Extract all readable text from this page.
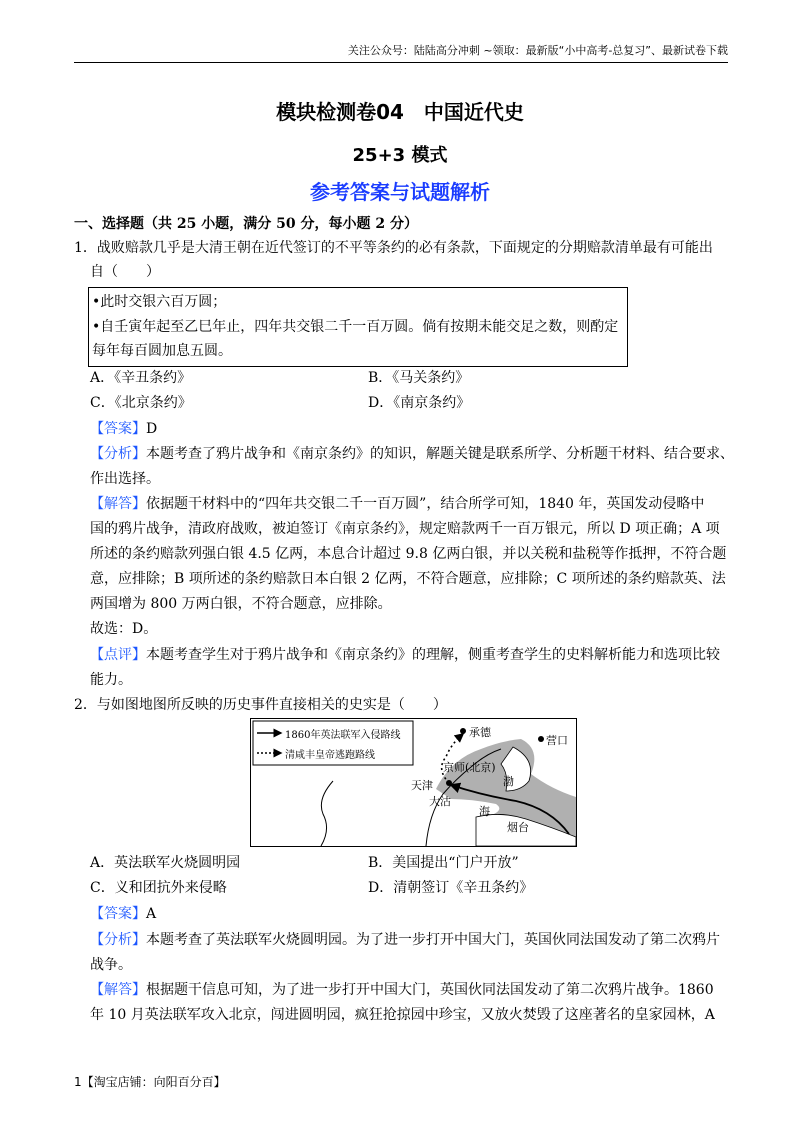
关注公众号：陆陆高分冲刺 ~领取：最新版“小中高考-总复习”、最新试卷下载
模块检测卷04　中国近代史
25+3 模式
参考答案与试题解析
一、选择题（共 25 小题，满分 50 分，每小题 2 分）
1．战败赔款几乎是大清王朝在近代签订的不平等条约的必有条款，下面规定的分期赔款清单最有可能出
自（　　）
•此时交银六百万圆；
•自壬寅年起至乙巳年止，四年共交银二千一百万圆。倘有按期未能交足之数，则酌定
每年每百圆加息五圆。
A．《辛丑条约》	B．《马关条约》
C．《北京条约》	D．《南京条约》
【答案】D
【分析】本题考查了鸦片战争和《南京条约》的知识，解题关键是联系所学、分析题干材料、结合要求、
作出选择。
【解答】依据题干材料中的“四年共交银二千一百万圆”，结合所学可知，1840 年，英国发动侵略中
国的鸦片战争，清政府战败，被迫签订《南京条约》，规定赔款两千一百万银元，所以 D 项正确；A 项
所述的条约赔款列强白银 4.5 亿两，本息合计超过 9.8 亿两白银，并以关税和盐税等作抵押，不符合题
意，应排除；B 项所述的条约赔款日本白银 2 亿两，不符合题意，应排除；C 项所述的条约赔款英、法
两国增为 800 万两白银，不符合题意，应排除。
故选：D。
【点评】本题考查学生对于鸦片战争和《南京条约》的理解，侧重考查学生的史料解析能力和选项比较
能力。
2．与如图地图所反映的历史事件直接相关的史实是（　　）
1860年英法联军入侵路线
清咸丰皇帝逃跑路线
承德
京师(北京)
营口
天津
大沽
渤
海
烟台
A．英法联军火烧圆明园	B．美国提出“门户开放”
C．义和团抗外来侵略	D．清朝签订《辛丑条约》
【答案】A
【分析】本题考查了英法联军火烧圆明园。为了进一步打开中国大门，英国伙同法国发动了第二次鸦片
战争。
【解答】根据题干信息可知，为了进一步打开中国大门，英国伙同法国发动了第二次鸦片战争。1860
年 10 月英法联军攻入北京，闯进圆明园，疯狂抢掠园中珍宝，又放火焚毁了这座著名的皇家园林，A
1【淘宝店铺：向阳百分百】
